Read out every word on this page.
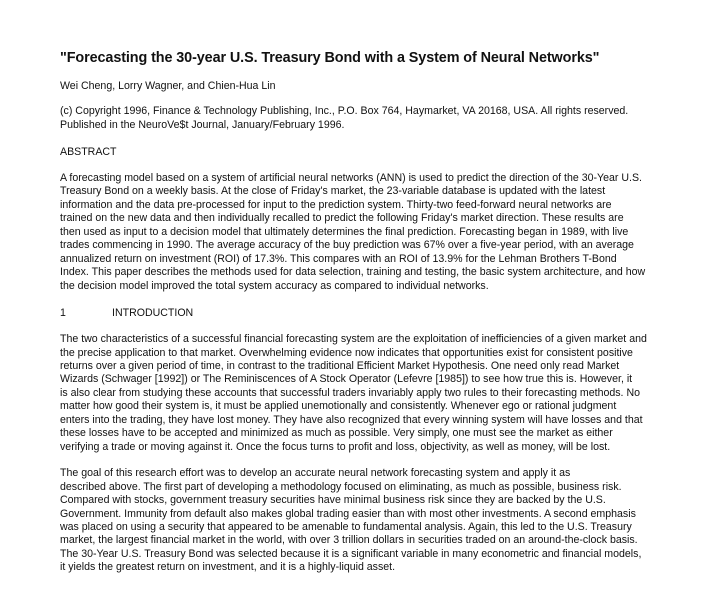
"Forecasting the 30-year U.S. Treasury Bond with a System of Neural Networks"
Wei Cheng, Lorry Wagner, and Chien-Hua Lin
(c) Copyright 1996, Finance & Technology Publishing, Inc., P.O. Box 764, Haymarket, VA 20168, USA. All rights reserved.
Published in the NeuroVe$t Journal, January/February 1996.
ABSTRACT
A forecasting model based on a system of artificial neural networks (ANN) is used to predict the direction of the 30-Year U.S.
Treasury Bond on a weekly basis. At the close of Friday's market, the 23-variable database is updated with the latest
information and the data pre-processed for input to the prediction system. Thirty-two feed-forward neural networks are
trained on the new data and then individually recalled to predict the following Friday's market direction. These results are
then used as input to a decision model that ultimately determines the final prediction. Forecasting began in 1989, with live
trades commencing in 1990. The average accuracy of the buy prediction was 67% over a five-year period, with an average
annualized return on investment (ROI) of 17.3%. This compares with an ROI of 13.9% for the Lehman Brothers T-Bond
Index. This paper describes the methods used for data selection, training and testing, the basic system architecture, and how
the decision model improved the total system accuracy as compared to individual networks.
1	INTRODUCTION
The two characteristics of a successful financial forecasting system are the exploitation of inefficiencies of a given market and
the precise application to that market. Overwhelming evidence now indicates that opportunities exist for consistent positive
returns over a given period of time, in contrast to the traditional Efficient Market Hypothesis. One need only read Market
Wizards (Schwager [1992]) or The Reminiscences of A Stock Operator (Lefevre [1985]) to see how true this is. However, it
is also clear from studying these accounts that successful traders invariably apply two rules to their forecasting methods. No
matter how good their system is, it must be applied unemotionally and consistently. Whenever ego or rational judgment
enters into the trading, they have lost money. They have also recognized that every winning system will have losses and that
these losses have to be accepted and minimized as much as possible. Very simply, one must see the market as either
verifying a trade or moving against it. Once the focus turns to profit and loss, objectivity, as well as money, will be lost.
The goal of this research effort was to develop an accurate neural network forecasting system and apply it as
described above. The first part of developing a methodology focused on eliminating, as much as possible, business risk.
Compared with stocks, government treasury securities have minimal business risk since they are backed by the U.S.
Government. Immunity from default also makes global trading easier than with most other investments. A second emphasis
was placed on using a security that appeared to be amenable to fundamental analysis. Again, this led to the U.S. Treasury
market, the largest financial market in the world, with over 3 trillion dollars in securities traded on an around-the-clock basis.
The 30-Year U.S. Treasury Bond was selected because it is a significant variable in many econometric and financial models,
it yields the greatest return on investment, and it is a highly-liquid asset.
